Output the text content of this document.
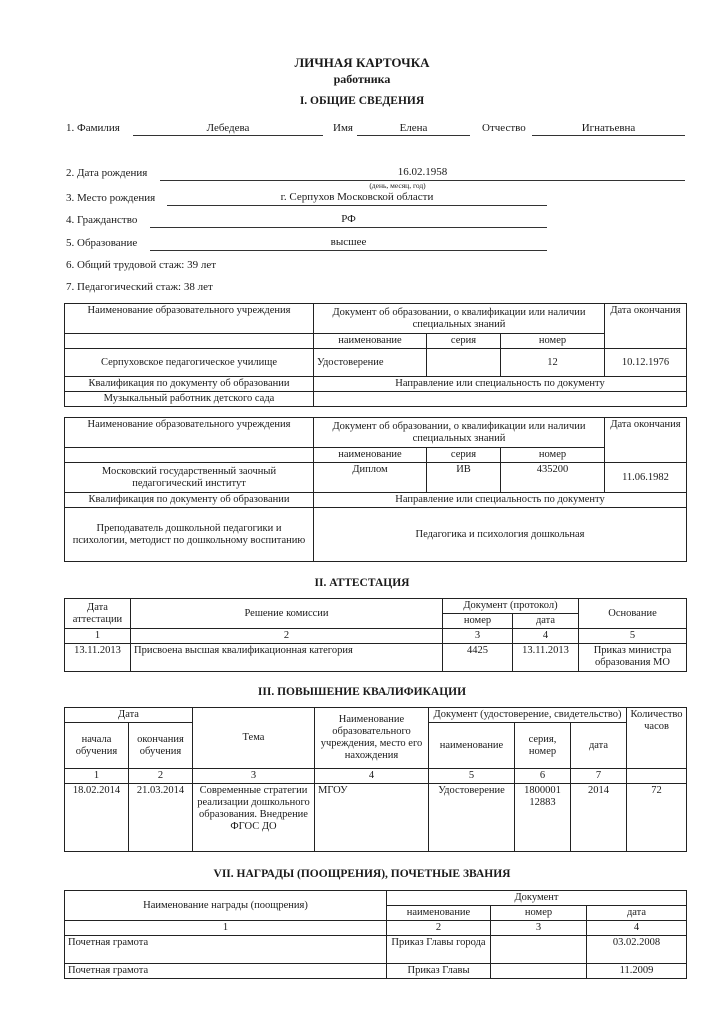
ЛИЧНАЯ КАРТОЧКА
работника
I. ОБЩИЕ СВЕДЕНИЯ
1. Фамилия	Лебедева	Имя	Елена	Отчество	Игнатьевна
2. Дата рождения	16.02.1958
(день, месяц, год)
3. Место рождения	г. Серпухов Московской области
4. Гражданство	РФ
5. Образование	высшее
6. Общий трудовой стаж: 39 лет
7. Педагогический стаж: 38 лет
Наименование образовательного учреждения	Документ об образовании, о квалификации или наличии специальных знаний			Дата окончания
	наименование	серия	номер	
Серпуховское педагогическое училище	Удостоверение		12	10.12.1976
Квалификация по документу об образовании	Направление или специальность по документу			
Музыкальный работник детского сада				
Наименование образовательного учреждения	Документ об образовании, о квалификации или наличии специальных знаний			Дата окончания
	наименование	серия	номер	
Московский государственный заочный педагогический институт	Диплом	ИВ	435200	11.06.1982
Квалификация по документу об образовании	Направление или специальность по документу			
Преподаватель дошкольной педагогики и психологии, методист по дошкольному воспитанию	Педагогика и психология дошкольная			
II. АТТЕСТАЦИЯ
Дата аттестации	Решение комиссии	Документ (протокол)		Основание
		номер	дата	
1	2	3	4	5
13.11.2013	Присвоена высшая квалификационная категория	4425	13.11.2013	Приказ министра образования МО
III. ПОВЫШЕНИЕ КВАЛИФИКАЦИИ
Дата		Тема	Наименование образовательного учреждения, место его нахождения	Документ (удостоверение, свидетельство)			Количество часов
начала обучения	окончания обучения			наименование	серия, номер	дата	
1	2	3	4	5	6	7	
18.02.2014	21.03.2014	Современные стратегии реализации дошкольного образования. Внедрение ФГОС ДО	МГОУ	Удостоверение	1800001 12883	2014	72
VII. НАГРАДЫ (ПООЩРЕНИЯ), ПОЧЕТНЫЕ ЗВАНИЯ
Наименование награды (поощрения)	Документ		
	наименование	номер	дата
1	2	3	4
Почетная грамота	Приказ Главы города		03.02.2008
Почетная грамота	Приказ Главы		11.2009
